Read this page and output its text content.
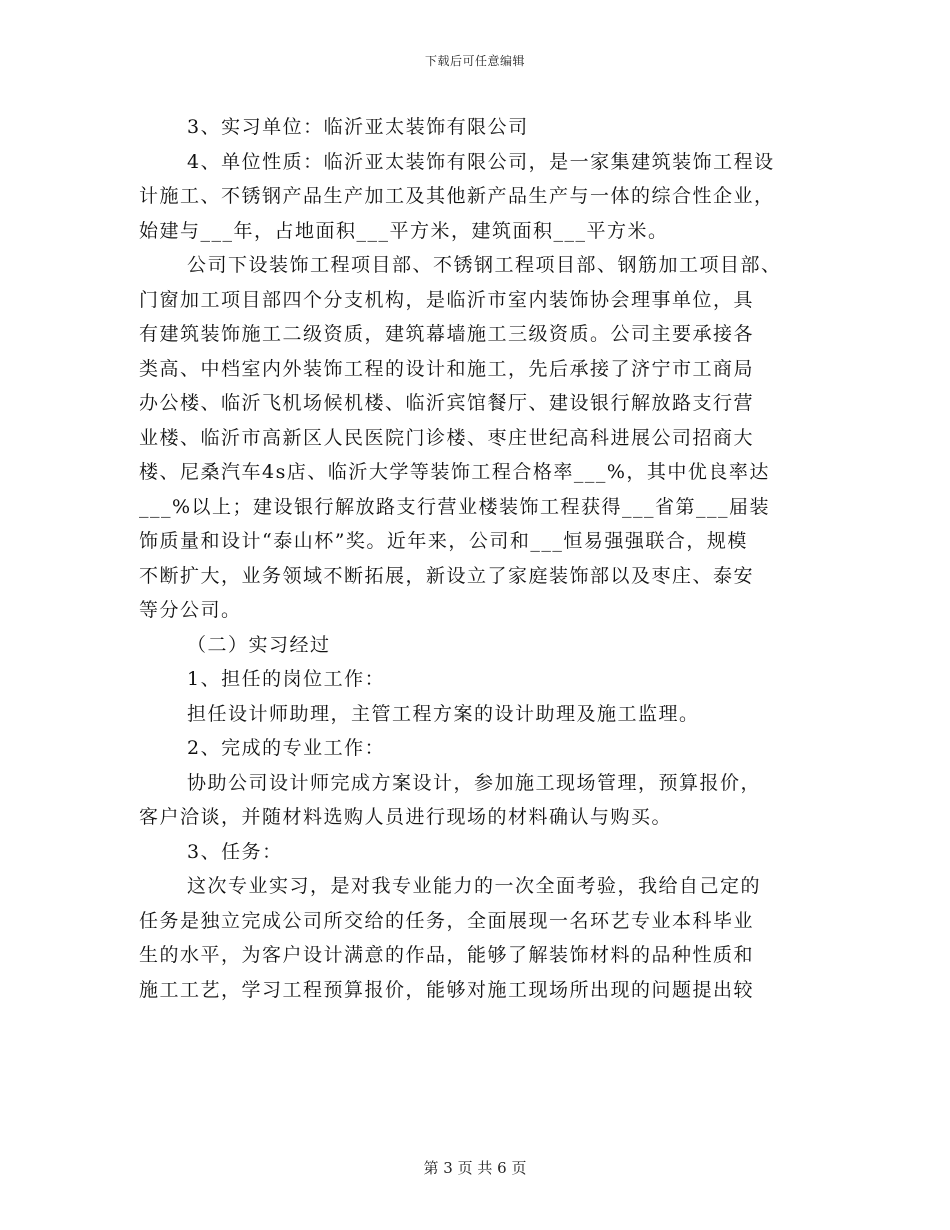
下载后可任意编辑
3、实习单位：临沂亚太装饰有限公司
4、单位性质：临沂亚太装饰有限公司，是一家集建筑装饰工程设
计施工、不锈钢产品生产加工及其他新产品生产与一体的综合性企业，
始建与___年，占地面积___平方米，建筑面积___平方米。
公司下设装饰工程项目部、不锈钢工程项目部、钢筋加工项目部、
门窗加工项目部四个分支机构，是临沂市室内装饰协会理事单位，具
有建筑装饰施工二级资质，建筑幕墙施工三级资质。公司主要承接各
类高、中档室内外装饰工程的设计和施工，先后承接了济宁市工商局
办公楼、临沂飞机场候机楼、临沂宾馆餐厅、建设银行解放路支行营
业楼、临沂市高新区人民医院门诊楼、枣庄世纪高科进展公司招商大
楼、尼桑汽车4s店、临沂大学等装饰工程合格率___%，其中优良率达
___%以上；建设银行解放路支行营业楼装饰工程获得___省第___届装
饰质量和设计“泰山杯”奖。近年来，公司和___恒易强强联合，规模
不断扩大，业务领域不断拓展，新设立了家庭装饰部以及枣庄、泰安
等分公司。
（二）实习经过
1、担任的岗位工作：
担任设计师助理，主管工程方案的设计助理及施工监理。
2、完成的专业工作：
协助公司设计师完成方案设计，参加施工现场管理，预算报价，
客户洽谈，并随材料选购人员进行现场的材料确认与购买。
3、任务：
这次专业实习，是对我专业能力的一次全面考验，我给自己定的
任务是独立完成公司所交给的任务，全面展现一名环艺专业本科毕业
生的水平，为客户设计满意的作品，能够了解装饰材料的品种性质和
施工工艺，学习工程预算报价，能够对施工现场所出现的问题提出较
第 3 页 共 6 页
